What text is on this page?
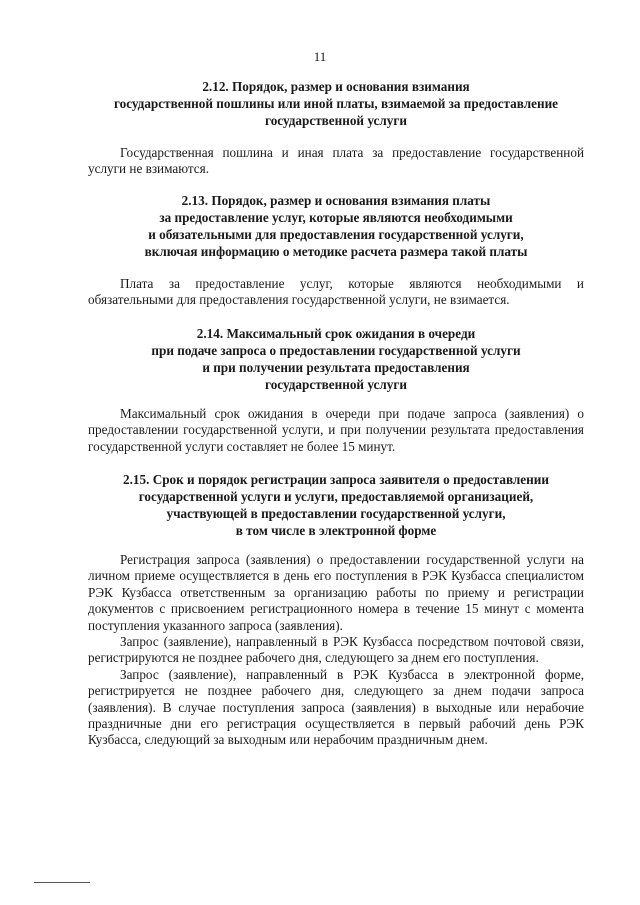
11
2.12. Порядок, размер и основания взимания
государственной пошлины или иной платы, взимаемой за предоставление
государственной услуги
Государственная пошлина и иная плата за предоставление государственной услуги не взимаются.
2.13. Порядок, размер и основания взимания платы
за предоставление услуг, которые являются необходимыми
и обязательными для предоставления государственной услуги,
включая информацию о методике расчета размера такой платы
Плата за предоставление услуг, которые являются необходимыми и обязательными для предоставления государственной услуги, не взимается.
2.14. Максимальный срок ожидания в очереди
при подаче запроса о предоставлении государственной услуги
и при получении результата предоставления
государственной услуги
Максимальный срок ожидания в очереди при подаче запроса (заявления) о предоставлении государственной услуги, и при получении результата предоставления государственной услуги составляет не более 15 минут.
2.15. Срок и порядок регистрации запроса заявителя о предоставлении
государственной услуги и услуги, предоставляемой организацией,
участвующей в предоставлении государственной услуги,
в том числе в электронной форме
Регистрация запроса (заявления) о предоставлении государственной услуги на личном приеме осуществляется в день его поступления в РЭК Кузбасса специалистом РЭК Кузбасса ответственным за организацию работы по приему и регистрации документов с присвоением регистрационного номера в течение 15 минут с момента поступления указанного запроса (заявления).
Запрос (заявление), направленный в РЭК Кузбасса посредством почтовой связи, регистрируются не позднее рабочего дня, следующего за днем его поступления.
Запрос (заявление), направленный в РЭК Кузбасса в электронной форме, регистрируется не позднее рабочего дня, следующего за днем подачи запроса (заявления). В случае поступления запроса (заявления) в выходные или нерабочие праздничные дни его регистрация осуществляется в первый рабочий день РЭК Кузбасса, следующий за выходным или нерабочим праздничным днем.
